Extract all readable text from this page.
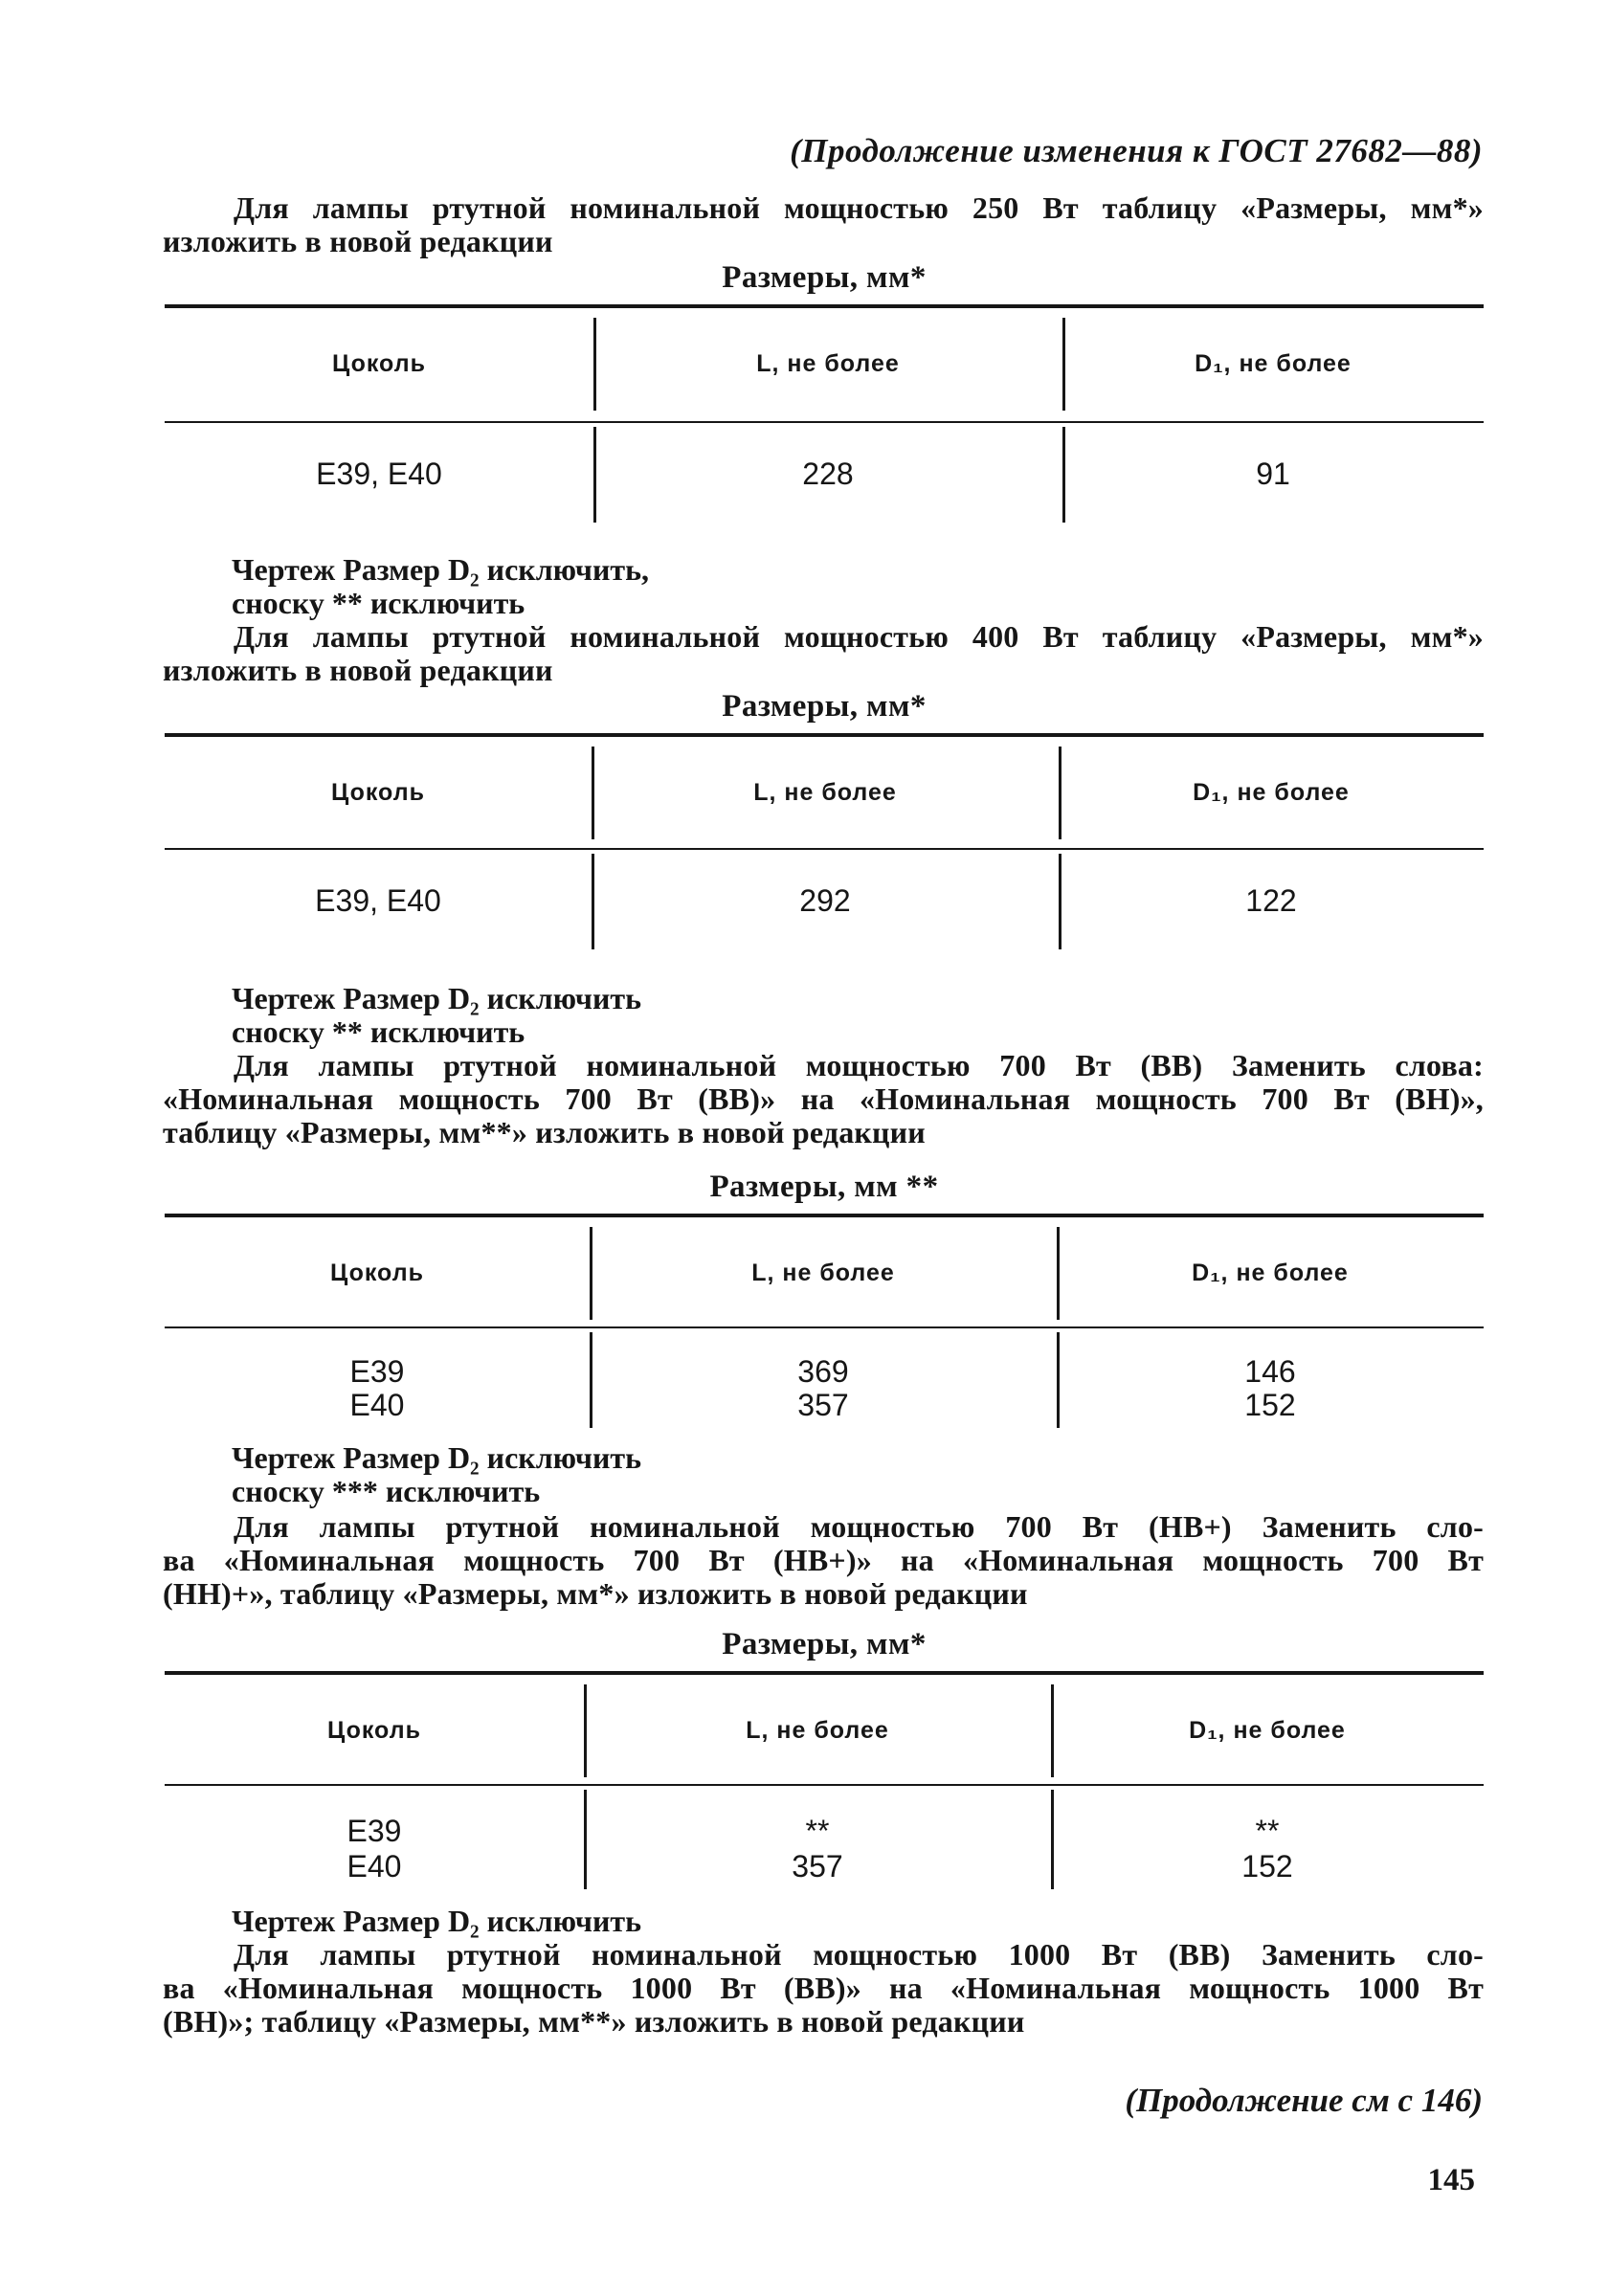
(Продолжение изменения к ГОСТ 27682—88)
Для лампы ртутной номинальной мощностью 250 Вт таблицу «Размеры, мм*»
изложить в новой редакции
Размеры, мм*
Цоколь	L, не более	D₁, не более
Е39, Е40	228	91
Чертеж Размер D₂ исключить,
сноску ** исключить
Для лампы ртутной номинальной мощностью 400 Вт таблицу «Размеры, мм*»
изложить в новой редакции
Размеры, мм*
Цоколь	L, не более	D₁, не более
Е39, Е40	292	122
Чертеж Размер D₂ исключить
сноску ** исключить
Для лампы ртутной номинальной мощностью 700 Вт (ВВ) Заменить слова:
«Номинальная мощность 700 Вт (ВВ)» на «Номинальная мощность 700 Вт (ВН)»,
таблицу «Размеры, мм**» изложить в новой редакции
Размеры, мм **
Цоколь	L, не более	D₁, не более
Е39	369	146
Е40	357	152
Чертеж Размер D₂ исключить
сноску *** исключить
Для лампы ртутной номинальной мощностью 700 Вт (НВ+) Заменить сло-
ва «Номинальная мощность 700 Вт (НВ+)» на «Номинальная мощность 700 Вт
(НН)+», таблицу «Размеры, мм*» изложить в новой редакции
Размеры, мм*
Цоколь	L, не более	D₁, не более
Е39	**	**
Е40	357	152
Чертеж Размер D₂ исключить
Для лампы ртутной номинальной мощностью 1000 Вт (ВВ) Заменить сло-
ва «Номинальная мощность 1000 Вт (ВВ)» на «Номинальная мощность 1000 Вт
(ВН)»; таблицу «Размеры, мм**» изложить в новой редакции
(Продолжение см с 146)
145
